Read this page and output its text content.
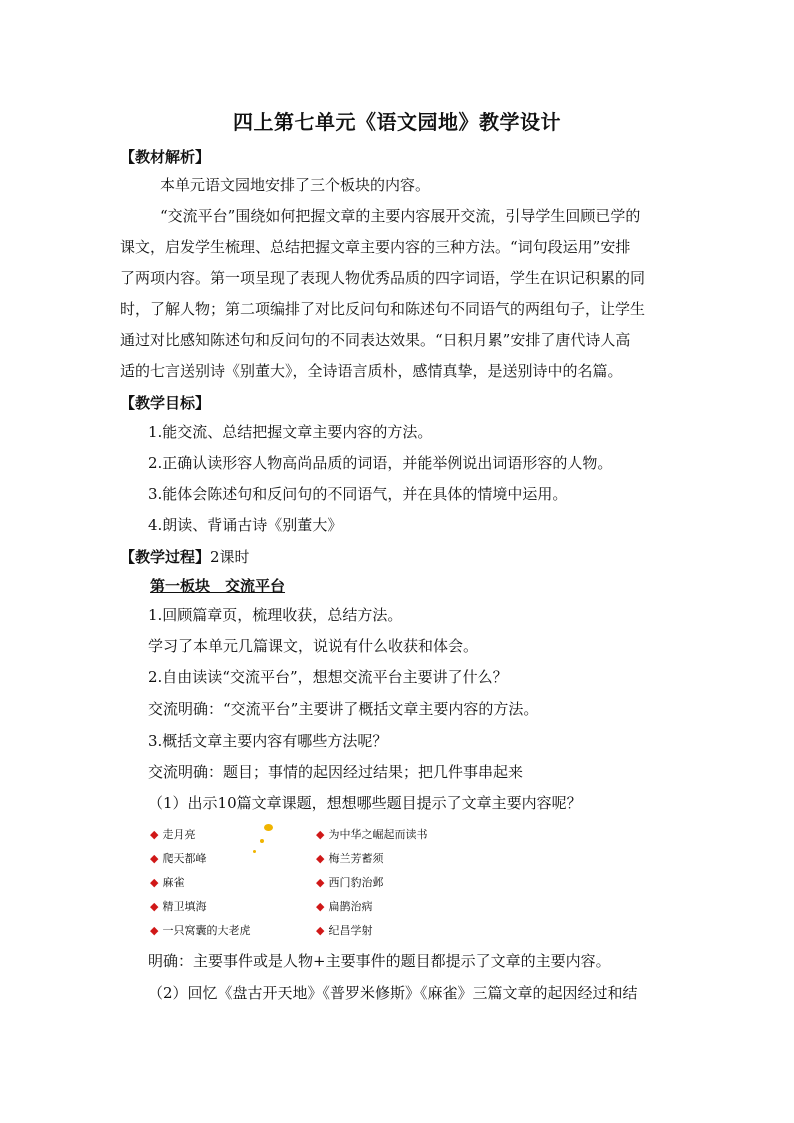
四上第七单元《语文园地》教学设计
【教材解析】
本单元语文园地安排了三个板块的内容。
“交流平台”围绕如何把握文章的主要内容展开交流，引导学生回顾已学的
课文，启发学生梳理、总结把握文章主要内容的三种方法。“词句段运用”安排
了两项内容。第一项呈现了表现人物优秀品质的四字词语，学生在识记积累的同
时，了解人物；第二项编排了对比反问句和陈述句不同语气的两组句子，让学生
通过对比感知陈述句和反问句的不同表达效果。“日积月累”安排了唐代诗人高
适的七言送别诗《别董大》，全诗语言质朴，感情真挚，是送别诗中的名篇。
【教学目标】
1.能交流、总结把握文章主要内容的方法。
2.正确认读形容人物高尚品质的词语，并能举例说出词语形容的人物。
3.能体会陈述句和反问句的不同语气，并在具体的情境中运用。
4.朗读、背诵古诗《别董大》
【教学过程】2课时
第一板块　交流平台
1.回顾篇章页，梳理收获，总结方法。
学习了本单元几篇课文，说说有什么收获和体会。
2.自由读读“交流平台”，想想交流平台主要讲了什么？
交流明确：“交流平台”主要讲了概括文章主要内容的方法。
3.概括文章主要内容有哪些方法呢？
交流明确：题目；事情的起因经过结果；把几件事串起来
（1）出示10篇文章课题，想想哪些题目提示了文章主要内容呢？
◆ 走月亮
◆ 爬天都峰
◆ 麻雀
◆ 精卫填海
◆ 一只窝囊的大老虎
◆ 为中华之崛起而读书
◆ 梅兰芳蓄须
◆ 西门豹治邺
◆ 扁鹊治病
◆ 纪昌学射
明确：主要事件或是人物+主要事件的题目都提示了文章的主要内容。
（2）回忆《盘古开天地》《普罗米修斯》《麻雀》三篇文章的起因经过和结
